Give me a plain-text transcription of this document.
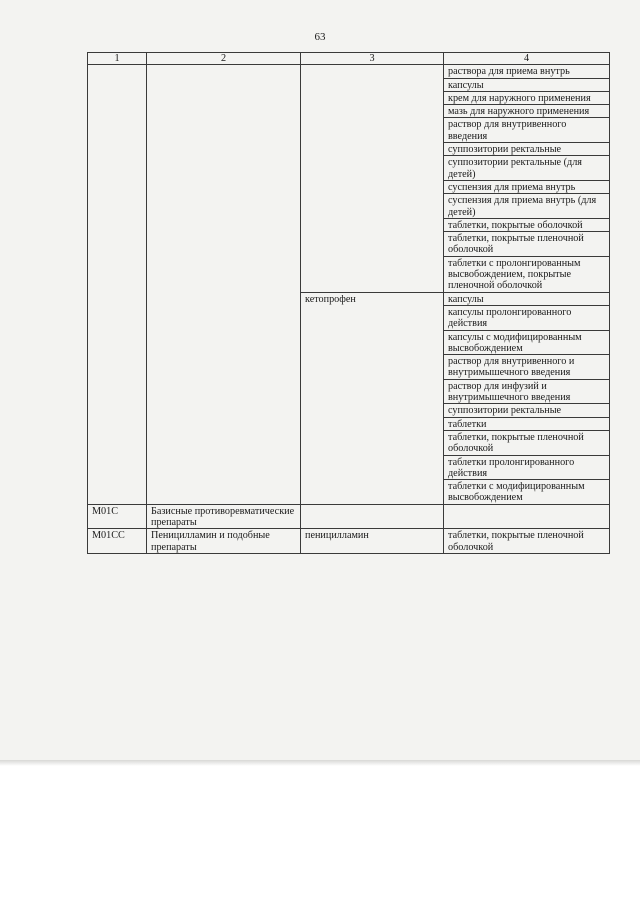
63
1	2	3	4
			раствора для приема внутрь
			капсулы
			крем для наружного применения
			мазь для наружного применения
			раствор для внутривенного введения
			суппозитории ректальные
			суппозитории ректальные (для детей)
			суспензия для приема внутрь
			суспензия для приема внутрь (для детей)
			таблетки, покрытые оболочкой
			таблетки, покрытые пленочной оболочкой
			таблетки с пролонгированным высвобождением, покрытые пленочной оболочкой
		кетопрофен	капсулы
			капсулы пролонгированного действия
			капсулы с модифицированным высвобождением
			раствор для внутривенного и внутримышечного введения
			раствор для инфузий и внутримышечного введения
			суппозитории ректальные
			таблетки
			таблетки, покрытые пленочной оболочкой
			таблетки пролонгированного действия
			таблетки с модифицированным высвобождением
M01C	Базисные противоревматические препараты		
M01CC	Пеницилламин и подобные препараты	пеницилламин	таблетки, покрытые пленочной оболочкой
